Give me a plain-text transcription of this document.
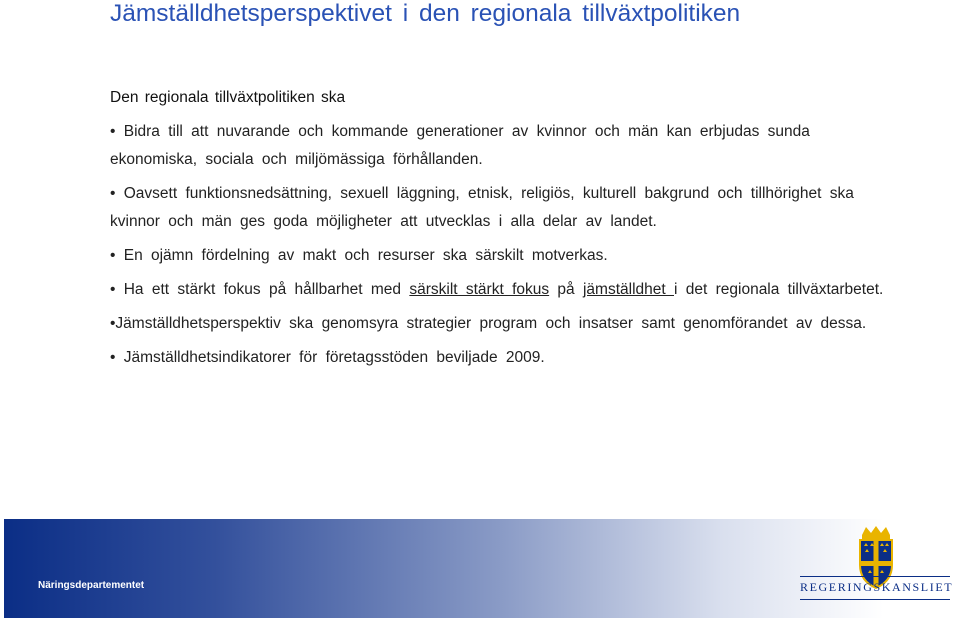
Jämställdhetsperspektivet i den regionala tillväxtpolitiken
Den regionala tillväxtpolitiken ska

• Bidra till att nuvarande och kommande generationer av kvinnor och män kan erbjudas sunda ekonomiska, sociala och miljömässiga förhållanden.

• Oavsett funktionsnedsättning, sexuell läggning, etnisk, religiös, kulturell bakgrund och tillhörighet ska kvinnor och män ges goda möjligheter att utvecklas i alla delar av landet.

• En ojämn fördelning av makt och resurser ska särskilt motverkas.

• Ha ett stärkt fokus på hållbarhet med särskilt stärkt fokus på jämställdhet i det regionala tillväxtarbetet.

•Jämställdhetsperspektiv ska genomsyra strategier program och insatser samt genomförandet av dessa.

• Jämställdhetsindikatorer för företagsstöden beviljade 2009.

Näringsdepartementet	REGERINGSKANSLIET
